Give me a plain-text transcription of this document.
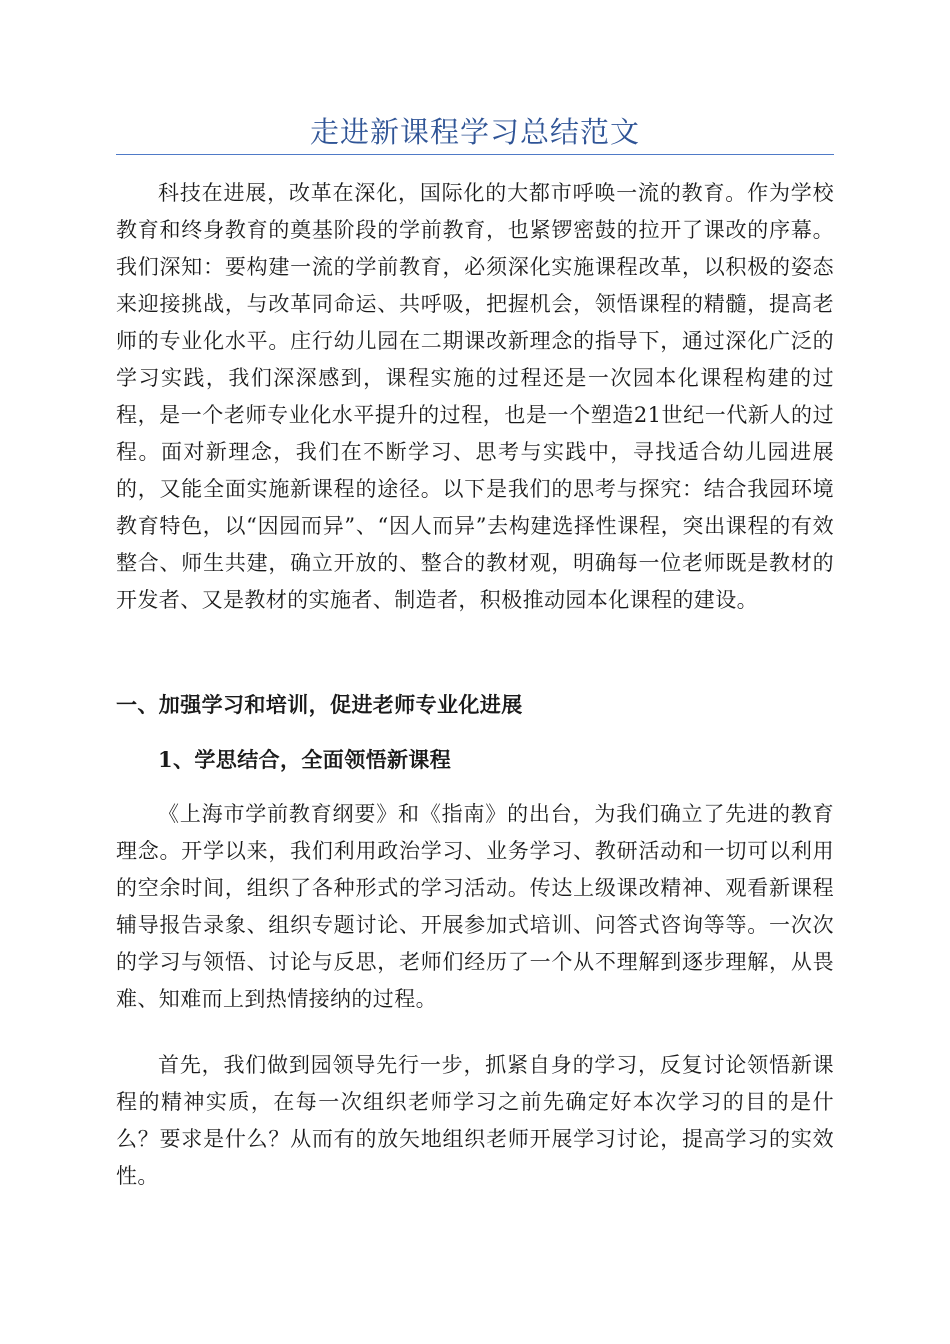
走进新课程学习总结范文

科技在进展，改革在深化，国际化的大都市呼唤一流的教育。作为学校教育和终身教育的奠基阶段的学前教育，也紧锣密鼓的拉开了课改的序幕。我们深知：要构建一流的学前教育，必须深化实施课程改革，以积极的姿态来迎接挑战，与改革同命运、共呼吸，把握机会，领悟课程的精髓，提高老师的专业化水平。庄行幼儿园在二期课改新理念的指导下，通过深化广泛的学习实践，我们深深感到，课程实施的过程还是一次园本化课程构建的过程，是一个老师专业化水平提升的过程，也是一个塑造21世纪一代新人的过程。面对新理念，我们在不断学习、思考与实践中，寻找适合幼儿园进展的，又能全面实施新课程的途径。以下是我们的思考与探究：结合我园环境教育特色，以“因园而异”、“因人而异”去构建选择性课程，突出课程的有效整合、师生共建，确立开放的、整合的教材观，明确每一位老师既是教材的开发者、又是教材的实施者、制造者，积极推动园本化课程的建设。

一、加强学习和培训，促进老师专业化进展
1、学思结合，全面领悟新课程

《上海市学前教育纲要》和《指南》的出台，为我们确立了先进的教育理念。开学以来，我们利用政治学习、业务学习、教研活动和一切可以利用的空余时间，组织了各种形式的学习活动。传达上级课改精神、观看新课程辅导报告录象、组织专题讨论、开展参加式培训、问答式咨询等等。一次次的学习与领悟、讨论与反思，老师们经历了一个从不理解到逐步理解，从畏难、知难而上到热情接纳的过程。

首先，我们做到园领导先行一步，抓紧自身的学习，反复讨论领悟新课程的精神实质，在每一次组织老师学习之前先确定好本次学习的目的是什么？要求是什么？从而有的放矢地组织老师开展学习讨论，提高学习的实效性。
